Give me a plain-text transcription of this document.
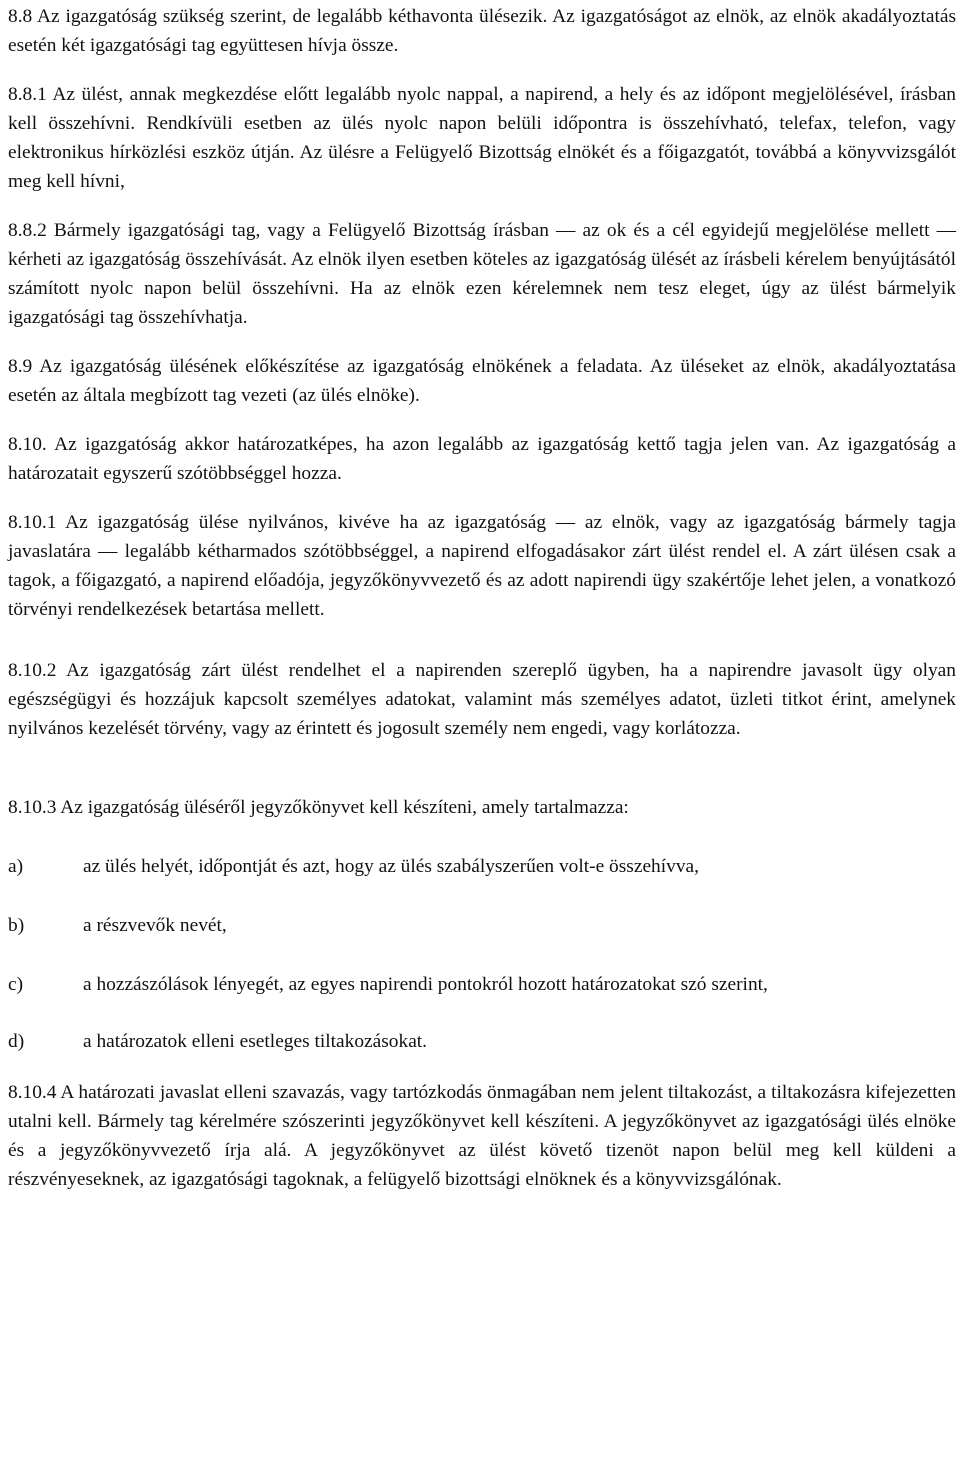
8.8 Az igazgatóság szükség szerint, de legalább kéthavonta ülésezik. Az igazgatóságot az elnök, az elnök akadályoztatás esetén két igazgatósági tag együttesen hívja össze.

8.8.1 Az ülést, annak megkezdése előtt legalább nyolc nappal, a napirend, a hely és az időpont megjelölésével, írásban kell összehívni. Rendkívüli esetben az ülés nyolc napon belüli időpontra is összehívható, telefax, telefon, vagy elektronikus hírközlési eszköz útján. Az ülésre a Felügyelő Bizottság elnökét és a főigazgatót, továbbá a könyvvizsgálót meg kell hívni,

8.8.2 Bármely igazgatósági tag, vagy a Felügyelő Bizottság írásban ― az ok és a cél egyidejű megjelölése mellett ― kérheti az igazgatóság összehívását. Az elnök ilyen esetben köteles az igazgatóság ülését az írásbeli kérelem benyújtásától számított nyolc napon belül összehívni. Ha az elnök ezen kérelemnek nem tesz eleget, úgy az ülést bármelyik igazgatósági tag összehívhatja.

8.9 Az igazgatóság ülésének előkészítése az igazgatóság elnökének a feladata. Az üléseket az elnök, akadályoztatása esetén az általa megbízott tag vezeti (az ülés elnöke).

8.10. Az igazgatóság akkor határozatképes, ha azon legalább az igazgatóság kettő tagja jelen van. Az igazgatóság a határozatait egyszerű szótöbbséggel hozza.

8.10.1 Az igazgatóság ülése nyilvános, kivéve ha az igazgatóság ― az elnök, vagy az igazgatóság bármely tagja javaslatára ― legalább kétharmados szótöbbséggel, a napirend elfogadásakor zárt ülést rendel el. A zárt ülésen csak a tagok, a főigazgató, a napirend előadója, jegyzőkönyvvezető és az adott napirendi ügy szakértője lehet jelen, a vonatkozó törvényi rendelkezések betartása mellett.

8.10.2 Az igazgatóság zárt ülést rendelhet el a napirenden szereplő ügyben, ha a napirendre javasolt ügy olyan egészségügyi és hozzájuk kapcsolt személyes adatokat, valamint más személyes adatot, üzleti titkot érint, amelynek nyilvános kezelését törvény, vagy az érintett és jogosult személy nem engedi, vagy korlátozza.

8.10.3 Az igazgatóság üléséről jegyzőkönyvet kell készíteni, amely tartalmazza:

a)	az ülés helyét, időpontját és azt, hogy az ülés szabályszerűen volt-e összehívva,
b)	a részvevők nevét,
c)	a hozzászólások lényegét, az egyes napirendi pontokról hozott határozatokat szó szerint,
d)	a határozatok elleni esetleges tiltakozásokat.

8.10.4 A határozati javaslat elleni szavazás, vagy tartózkodás önmagában nem jelent tiltakozást, a tiltakozásra kifejezetten utalni kell. Bármely tag kérelmére szószerinti jegyzőkönyvet kell készíteni. A jegyzőkönyvet az igazgatósági ülés elnöke és a jegyzőkönyvvezető írja alá. A jegyzőkönyvet az ülést követő tizenöt napon belül meg kell küldeni a részvényeseknek, az igazgatósági tagoknak, a felügyelő bizottsági elnöknek és a könyvvizsgálónak.
